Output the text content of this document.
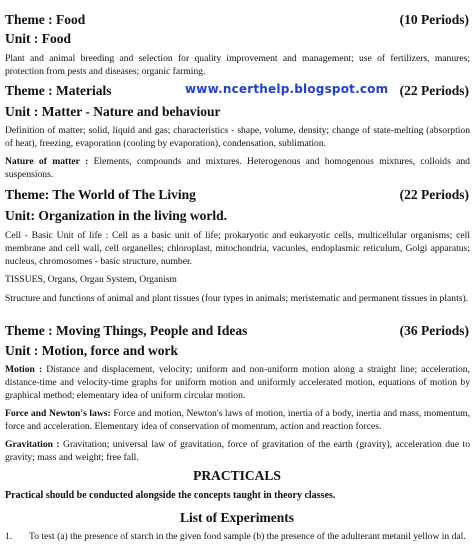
Theme : Food	(10 Periods)
Unit : Food
Plant and animal breeding and selection for quality improvement and management; use of fertilizers, manures; protection from pests and diseases; organic farming.
www.ncerthelp.blogspot.com
Theme : Materials	(22 Periods)
Unit : Matter - Nature and behaviour
Definition of matter; solid, liquid and gas; characteristics - shape, volume, density; change of state-melting (absorption of heat), freezing, evaporation (cooling by evaporation), condensation, sublimation.
Nature of matter : Elements, compounds and mixtures. Heterogenous and homogenous mixtures, colloids and suspensions.
Theme: The World of The Living	(22 Periods)
Unit: Organization in the living world.
Cell - Basic Unit of life : Cell as a basic unit of life; prokaryotic and eukaryotic cells, multicellular organisms; cell membrane and cell wall, cell organelles; chloroplast, mitochondria, vacuoles, endoplasmic reticulum, Golgi apparatus; nucleus, chromosomes - basic structure, number.
TISSUES, Organs, Organ System, Organism
Structure and functions of animal and plant tissues (four types in animals; meristematic and permanent tissues in plants).
Theme : Moving Things, People and Ideas	(36 Periods)
Unit : Motion, force and work
Motion : Distance and displacement, velocity; uniform and non-uniform motion along a straight line; acceleration, distance-time and velocity-time graphs for uniform motion and uniformly accelerated motion, equations of motion by graphical method; elementary idea of uniform circular motion.
Force and Newton's laws: Force and motion, Newton's laws of motion, inertia of a body, inertia and mass, momentum, force and acceleration. Elementary idea of conservation of momentum, action and reaction forces.
Gravitation : Gravitation; universal law of gravitation, force of gravitation of the earth (gravity), acceleration due to gravity; mass and weight; free fall.
PRACTICALS
Practical should be conducted alongside the concepts taught in theory classes.
List of Experiments
1. To test (a) the presence of starch in the given food sample (b) the presence of the adulterant metanil yellow in dal.
